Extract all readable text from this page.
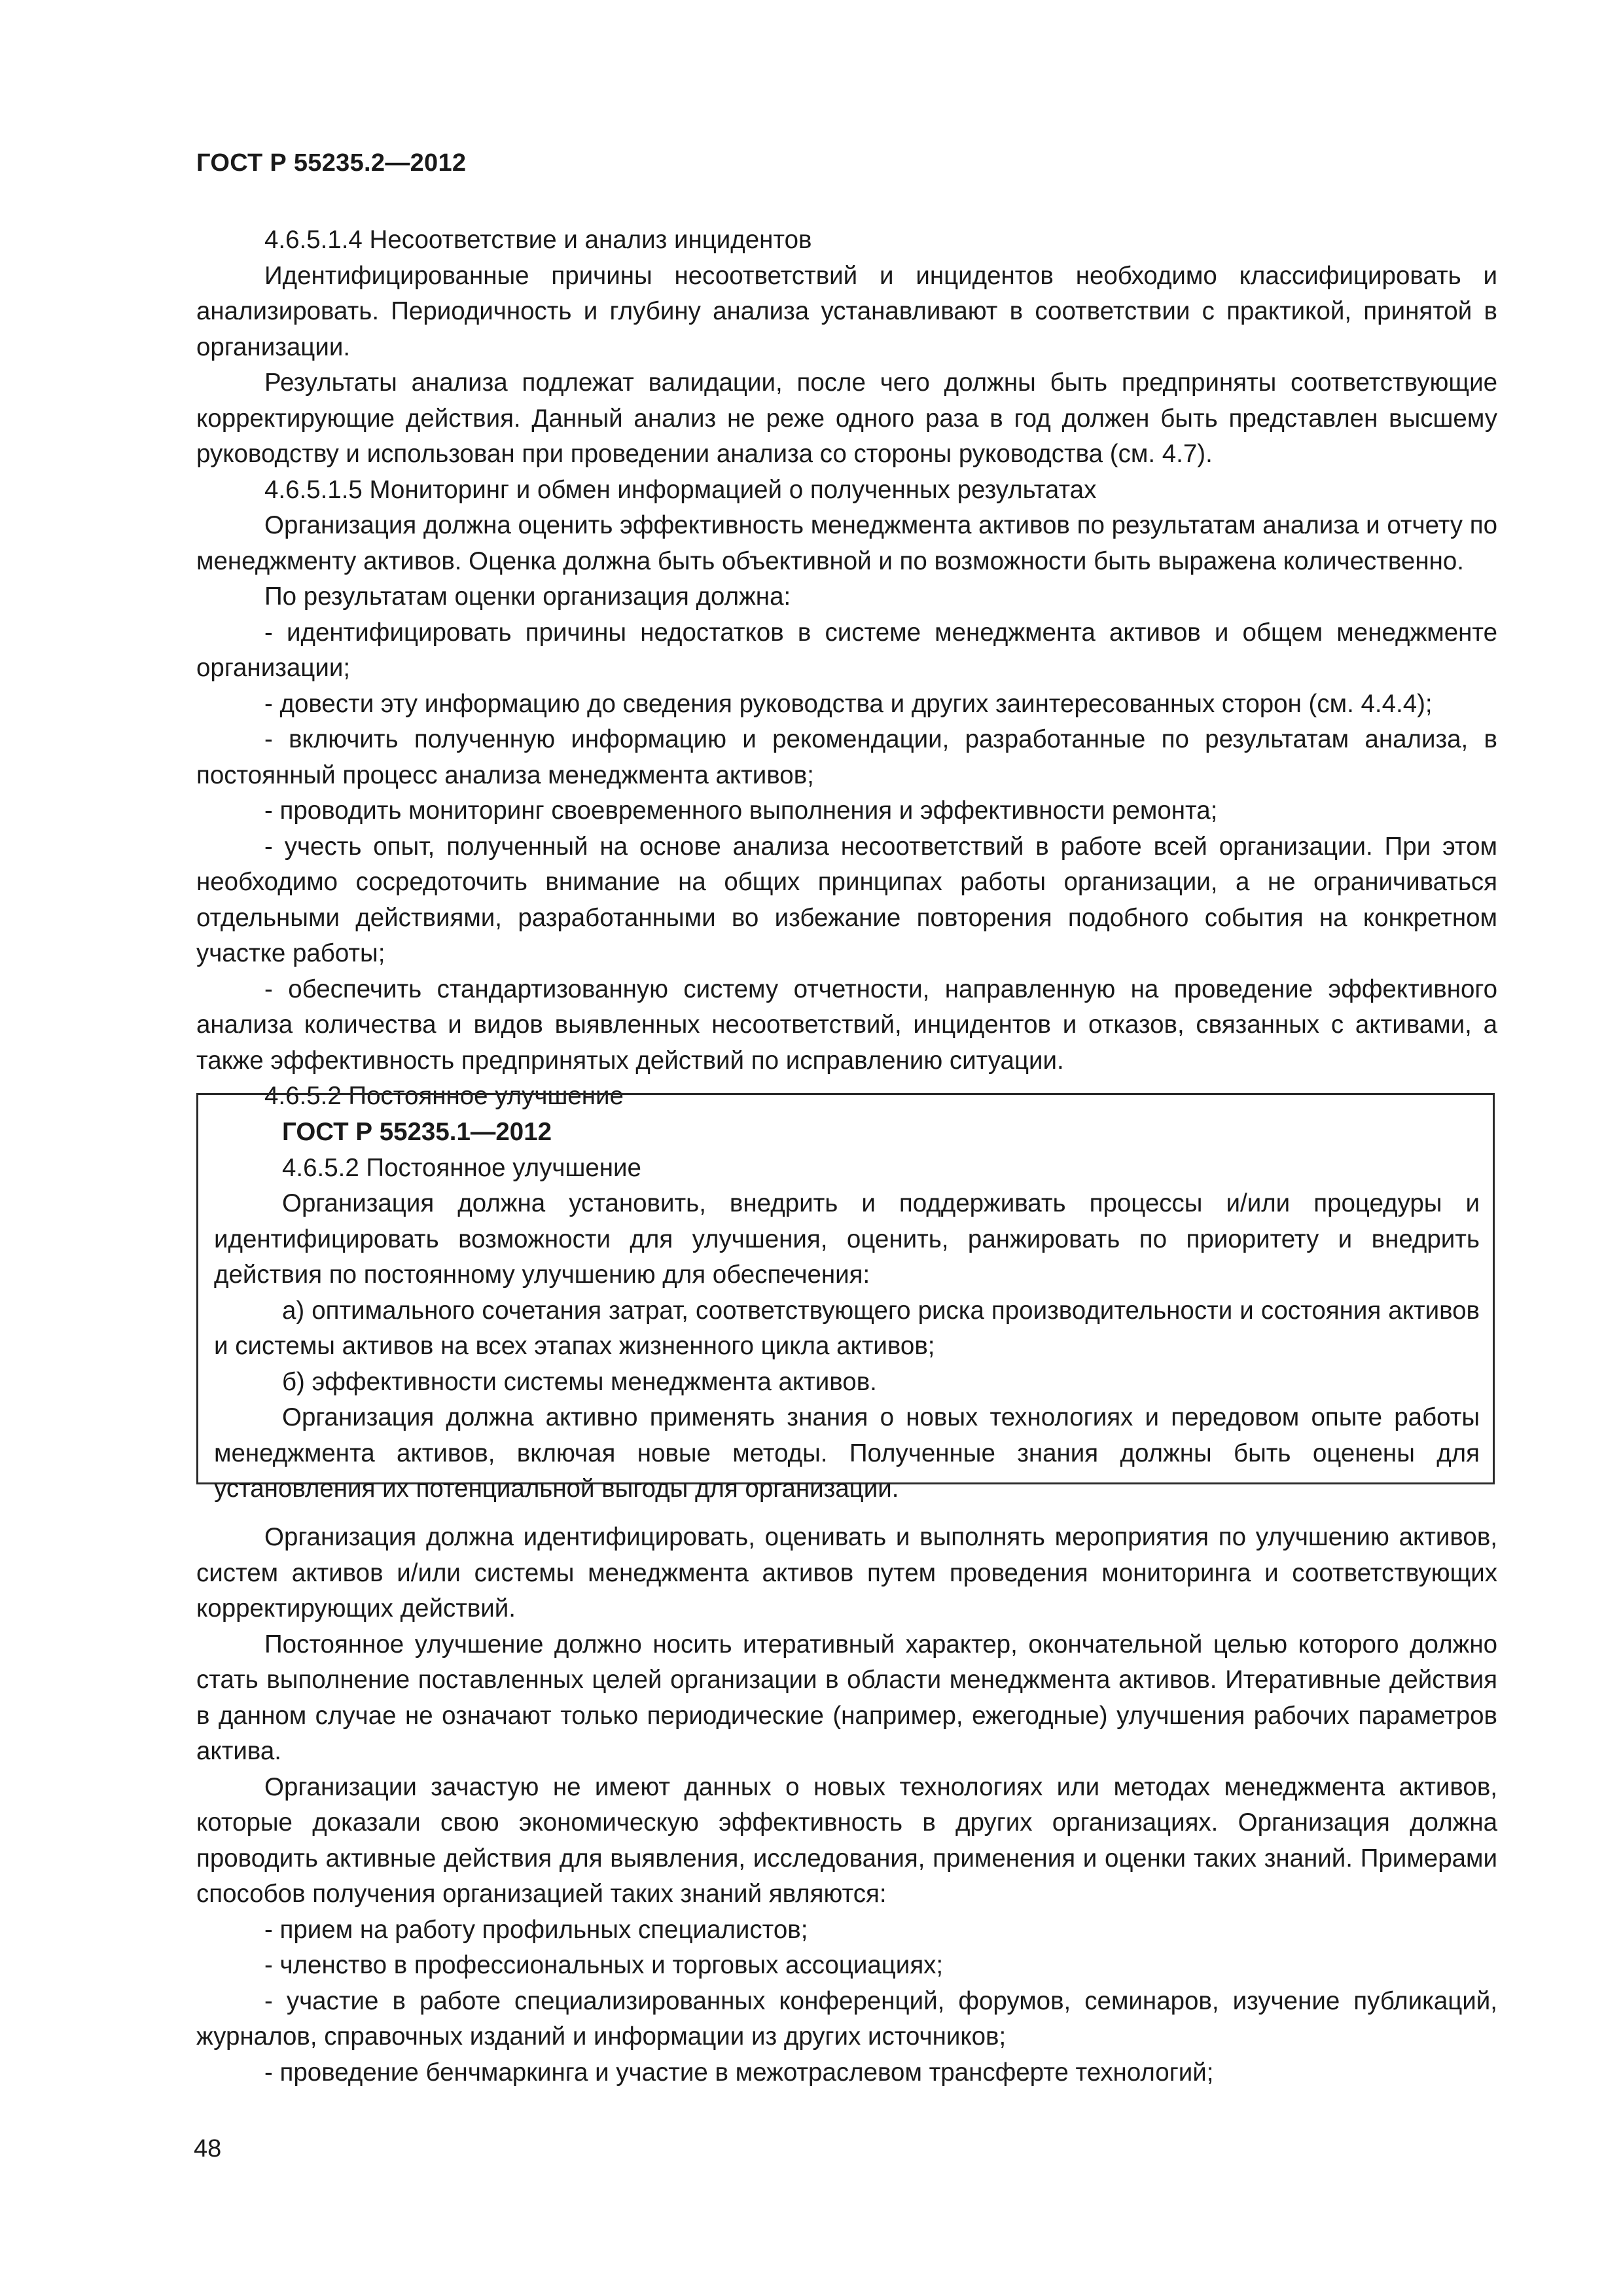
ГОСТ Р 55235.2—2012

4.6.5.1.4 Несоответствие и анализ инцидентов

Идентифицированные причины несоответствий и инцидентов необходимо классифицировать и анализировать. Периодичность и глубину анализа устанавливают в соответствии с практикой, принятой в организации.

Результаты анализа подлежат валидации, после чего должны быть предприняты соответствующие корректирующие действия. Данный анализ не реже одного раза в год должен быть представлен высшему руководству и использован при проведении анализа со стороны руководства (см. 4.7).

4.6.5.1.5 Мониторинг и обмен информацией о полученных результатах

Организация должна оценить эффективность менеджмента активов по результатам анализа и отчету по менеджменту активов. Оценка должна быть объективной и по возможности быть выражена количественно.

По результатам оценки организация должна:

- идентифицировать причины недостатков в системе менеджмента активов и общем менеджменте организации;

- довести эту информацию до сведения руководства и других заинтересованных сторон (см. 4.4.4);

- включить полученную информацию и рекомендации, разработанные по результатам анализа, в постоянный процесс анализа менеджмента активов;

- проводить мониторинг своевременного выполнения и эффективности ремонта;

- учесть опыт, полученный на основе анализа несоответствий в работе всей организации. При этом необходимо сосредоточить внимание на общих принципах работы организации, а не ограничиваться отдельными действиями, разработанными во избежание повторения подобного события на конкретном участке работы;

- обеспечить стандартизованную систему отчетности, направленную на проведение эффективного анализа количества и видов выявленных несоответствий, инцидентов и отказов, связанных с активами, а также эффективность предпринятых действий по исправлению ситуации.

4.6.5.2 Постоянное улучшение

ГОСТ Р 55235.1—2012

4.6.5.2 Постоянное улучшение

Организация должна установить, внедрить и поддерживать процессы и/или процедуры и идентифицировать возможности для улучшения, оценить, ранжировать по приоритету и внедрить действия по постоянному улучшению для обеспечения:

а) оптимального сочетания затрат, соответствующего риска производительности и состояния активов и системы активов на всех этапах жизненного цикла активов;

б) эффективности системы менеджмента активов.

Организация должна активно применять знания о новых технологиях и передовом опыте работы менеджмента активов, включая новые методы. Полученные знания должны быть оценены для установления их потенциальной выгоды для организации.

Организация должна идентифицировать, оценивать и выполнять мероприятия по улучшению активов, систем активов и/или системы менеджмента активов путем проведения мониторинга и соответствующих корректирующих действий.

Постоянное улучшение должно носить итеративный характер, окончательной целью которого должно стать выполнение поставленных целей организации в области менеджмента активов. Итеративные действия в данном случае не означают только периодические (например, ежегодные) улучшения рабочих параметров актива.

Организации зачастую не имеют данных о новых технологиях или методах менеджмента активов, которые доказали свою экономическую эффективность в других организациях. Организация должна проводить активные действия для выявления, исследования, применения и оценки таких знаний. Примерами способов получения организацией таких знаний являются:

- прием на работу профильных специалистов;

- членство в профессиональных и торговых ассоциациях;

- участие в работе специализированных конференций, форумов, семинаров, изучение публикаций, журналов, справочных изданий и информации из других источников;

- проведение бенчмаркинга и участие в межотраслевом трансферте технологий;

48
